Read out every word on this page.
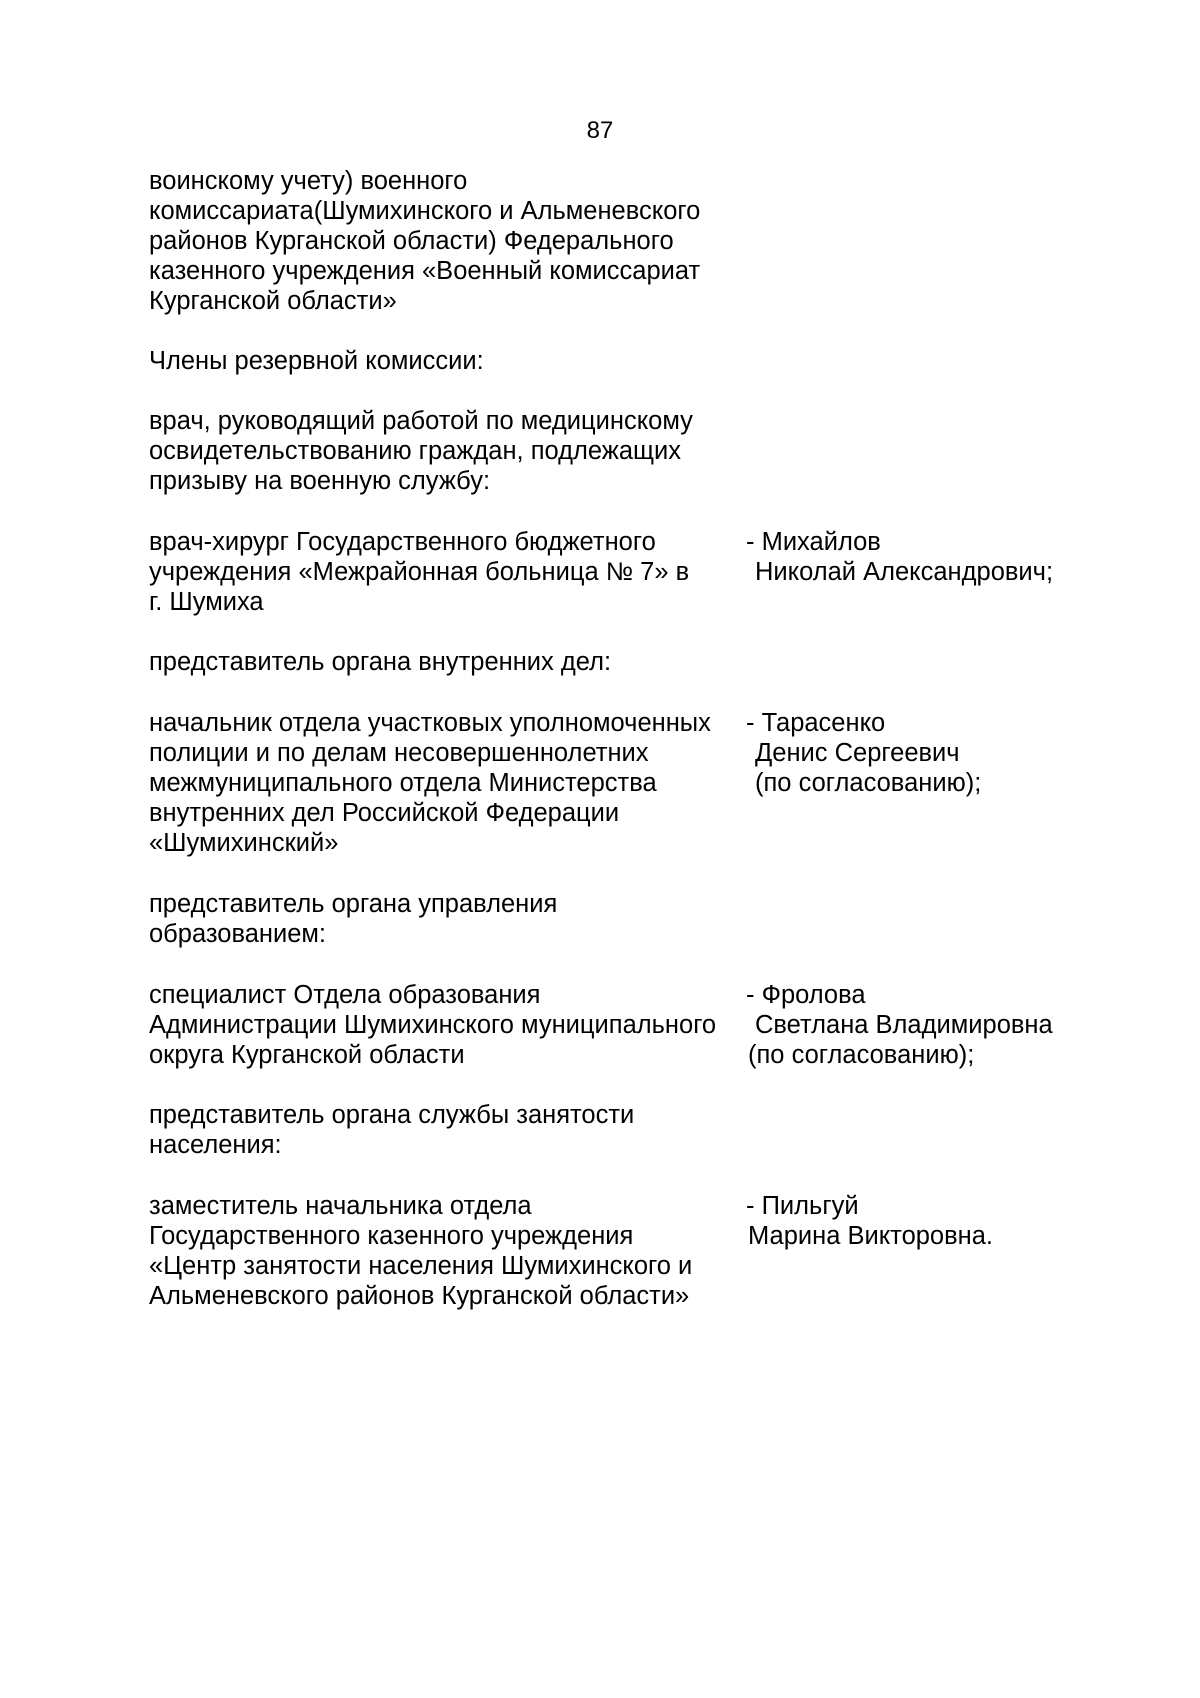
87
воинскому учету) военного
комиссариата(Шумихинского и Альменевского
районов Курганской области) Федерального
казенного учреждения «Военный комиссариат
Курганской области»
Члены резервной комиссии:
врач, руководящий работой по медицинскому
освидетельствованию граждан, подлежащих
призыву на военную службу:
врач-хирург Государственного бюджетного
учреждения «Межрайонная больница № 7» в
г. Шумиха
- Михайлов
Николай Александрович;
представитель органа внутренних дел:
начальник отдела участковых уполномоченных
полиции и по делам несовершеннолетних
межмуниципального отдела Министерства
внутренних дел Российской Федерации
«Шумихинский»
- Тарасенко
Денис Сергеевич
(по согласованию);
представитель органа управления
образованием:
специалист Отдела образования
Администрации Шумихинского муниципального
округа Курганской области
- Фролова
Светлана Владимировна
(по согласованию);
представитель органа службы занятости
населения:
заместитель начальника отдела
Государственного казенного учреждения
«Центр занятости населения Шумихинского и
Альменевского районов Курганской области»
- Пильгуй
Марина Викторовна.
